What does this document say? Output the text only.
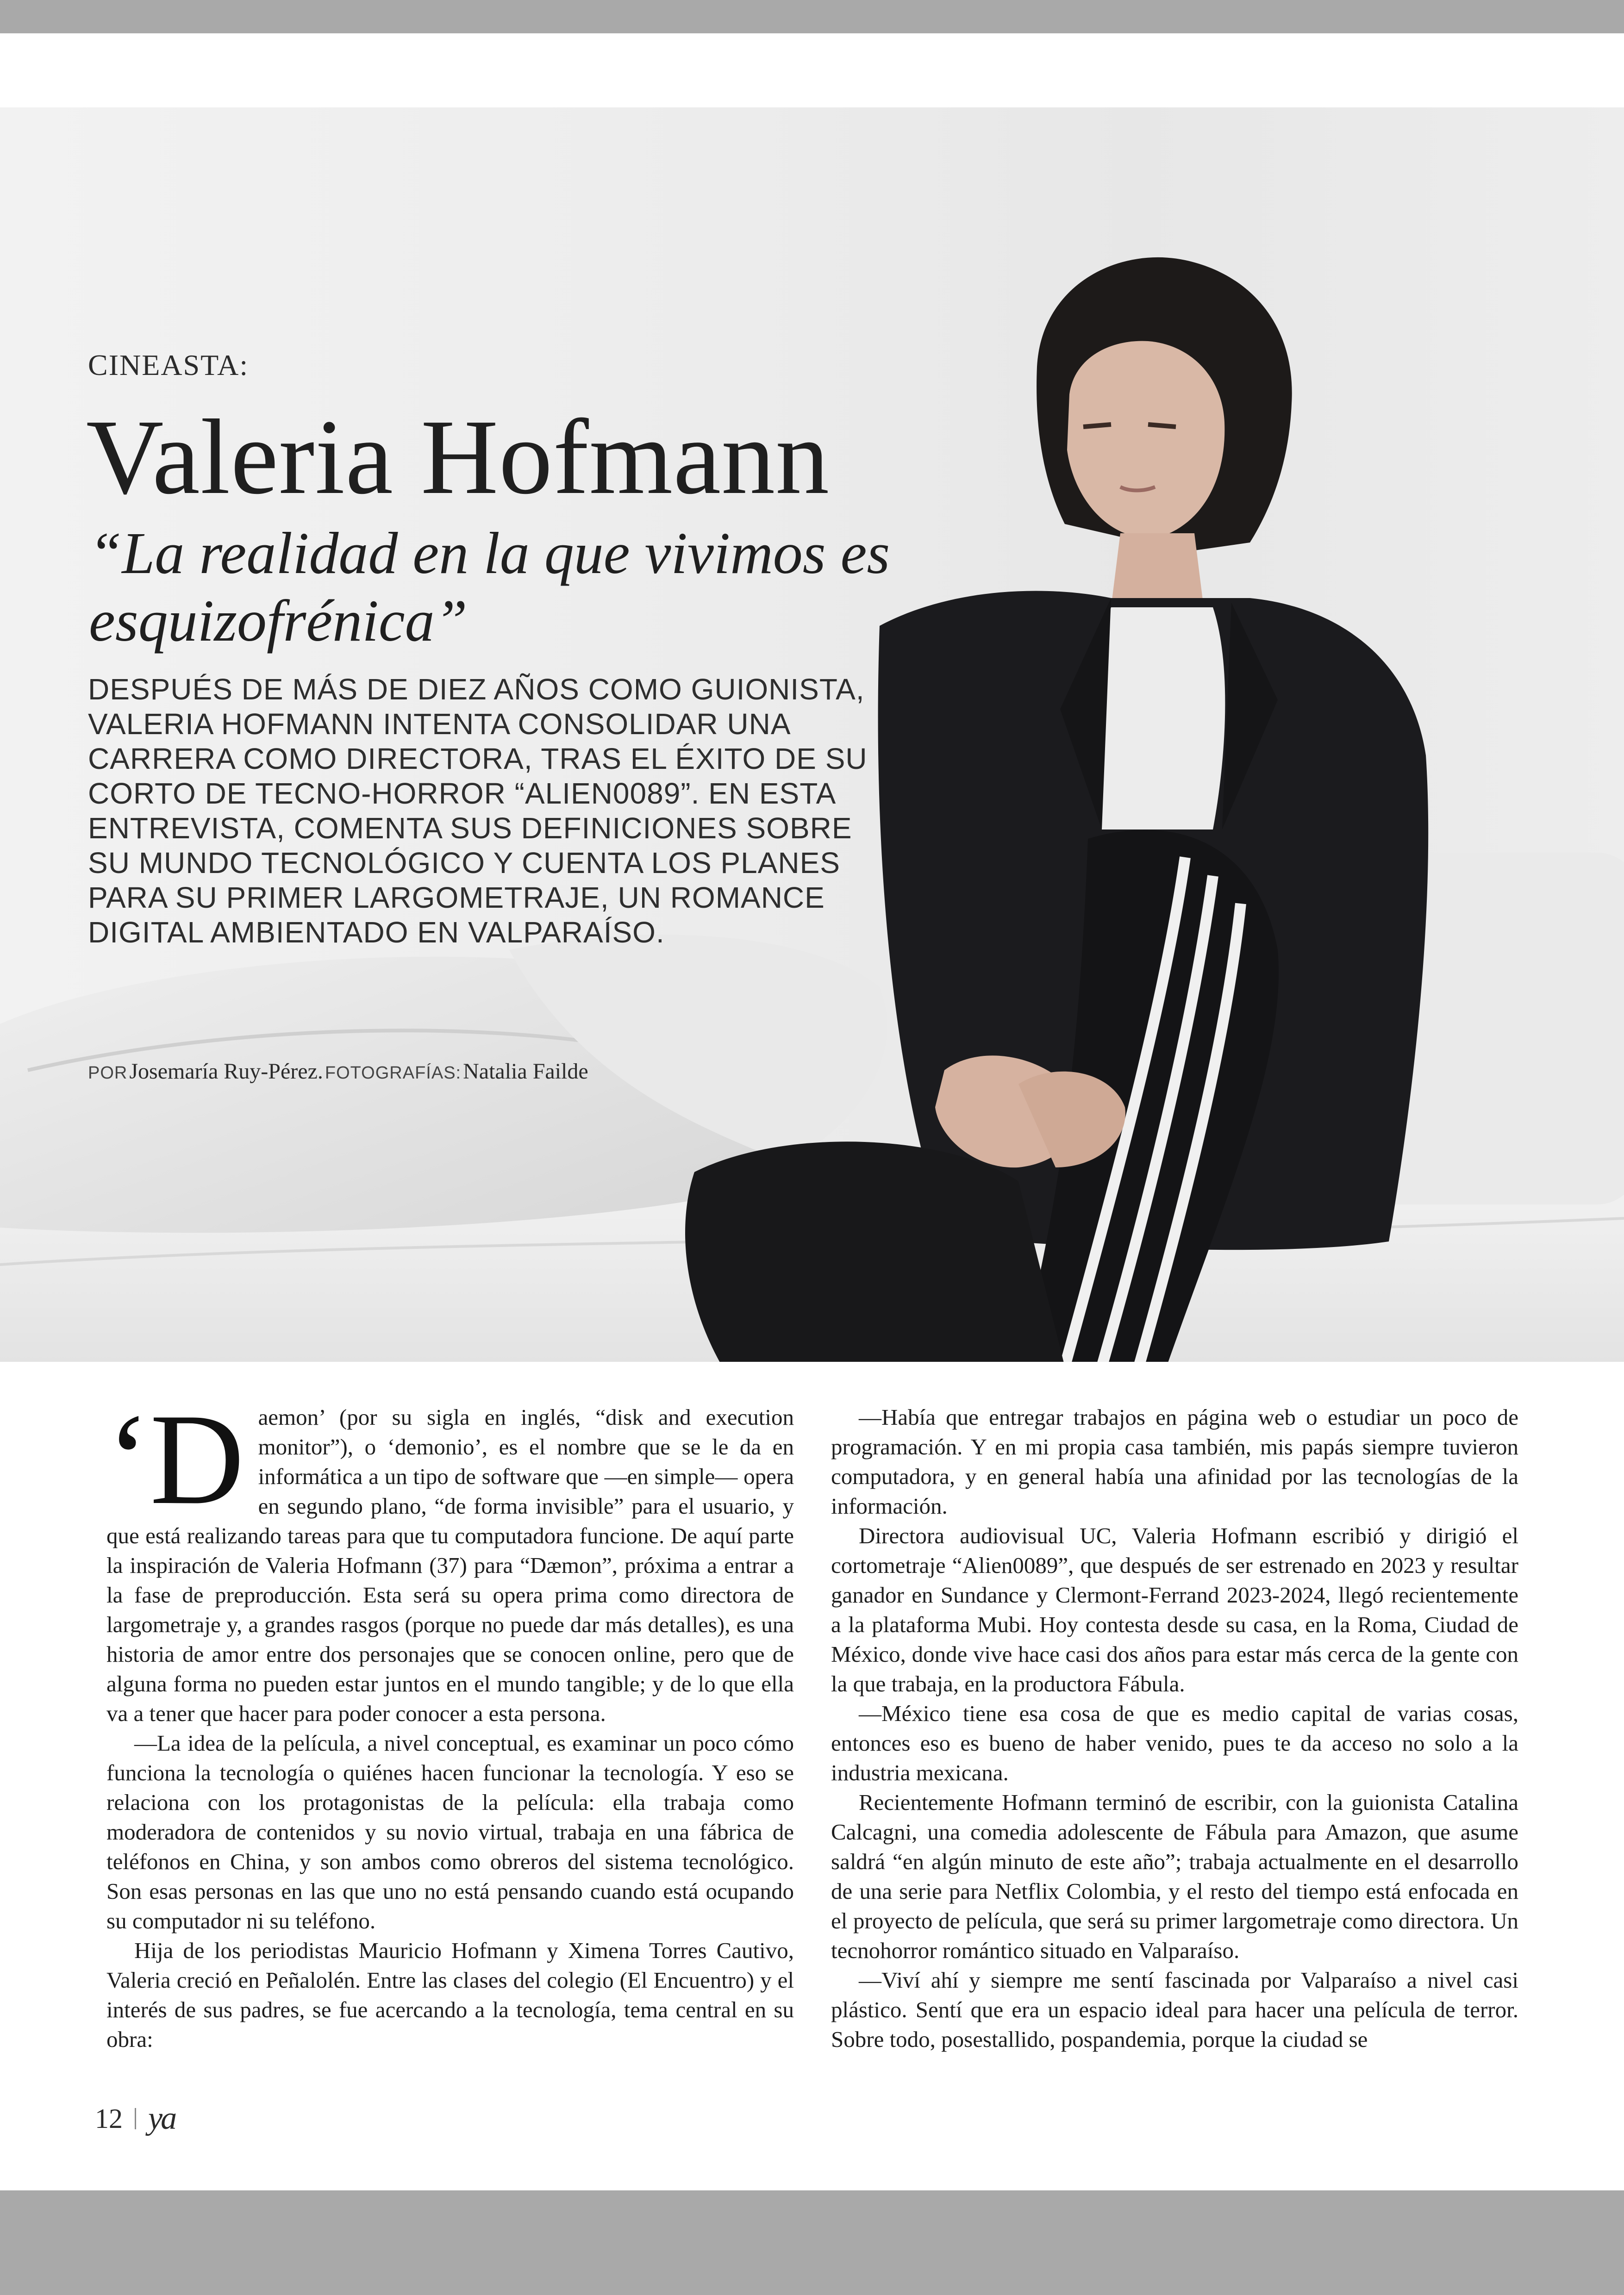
CINEASTA:

Valeria Hofmann
“La realidad en la que vivimos es esquizofrénica”

DESPUÉS DE MÁS DE DIEZ AÑOS COMO GUIONISTA, VALERIA HOFMANN INTENTA CONSOLIDAR UNA CARRERA COMO DIRECTORA, TRAS EL ÉXITO DE SU CORTO DE TECNO-HORROR “ALIEN0089”. EN ESTA ENTREVISTA, COMENTA SUS DEFINICIONES SOBRE SU MUNDO TECNOLÓGICO Y CUENTA LOS PLANES PARA SU PRIMER LARGOMETRAJE, UN ROMANCE DIGITAL AMBIENTADO EN VALPARAÍSO.

POR Josemaría Ruy-Pérez. FOTOGRAFÍAS: Natalia Failde

‘Daemon’ (por su sigla en inglés, “disk and execution monitor”), o ‘demonio’, es el nombre que se le da en informática a un tipo de software que —en simple— opera en segundo plano, “de forma invisible” para el usuario, y que está realizando tareas para que tu computadora funcione. De aquí parte la inspiración de Valeria Hofmann (37) para “Dæmon”, próxima a entrar a la fase de preproducción. Esta será su opera prima como directora de largometraje y, a grandes rasgos (porque no puede dar más detalles), es una historia de amor entre dos personajes que se conocen online, pero que de alguna forma no pueden estar juntos en el mundo tangible; y de lo que ella va a tener que hacer para poder conocer a esta persona.

—La idea de la película, a nivel conceptual, es examinar un poco cómo funciona la tecnología o quiénes hacen funcionar la tecnología. Y eso se relaciona con los protagonistas de la película: ella trabaja como moderadora de contenidos y su novio virtual, trabaja en una fábrica de teléfonos en China, y son ambos como obreros del sistema tecnológico. Son esas personas en las que uno no está pensando cuando está ocupando su computador ni su teléfono.

Hija de los periodistas Mauricio Hofmann y Ximena Torres Cautivo, Valeria creció en Peñalolén. Entre las clases del colegio (El Encuentro) y el interés de sus padres, se fue acercando a la tecnología, tema central en su obra:

—Había que entregar trabajos en página web o estudiar un poco de programación. Y en mi propia casa también, mis papás siempre tuvieron computadora, y en general había una afinidad por las tecnologías de la información.

Directora audiovisual UC, Valeria Hofmann escribió y dirigió el cortometraje “Alien0089”, que después de ser estrenado en 2023 y resultar ganador en Sundance y Clermont-Ferrand 2023-2024, llegó recientemente a la plataforma Mubi. Hoy contesta desde su casa, en la Roma, Ciudad de México, donde vive hace casi dos años para estar más cerca de la gente con la que trabaja, en la productora Fábula.

—México tiene esa cosa de que es medio capital de varias cosas, entonces eso es bueno de haber venido, pues te da acceso no solo a la industria mexicana.

Recientemente Hofmann terminó de escribir, con la guionista Catalina Calcagni, una comedia adolescente de Fábula para Amazon, que asume saldrá “en algún minuto de este año”; trabaja actualmente en el desarrollo de una serie para Netflix Colombia, y el resto del tiempo está enfocada en el proyecto de película, que será su primer largometraje como directora. Un tecnohorror romántico situado en Valparaíso.

—Viví ahí y siempre me sentí fascinada por Valparaíso a nivel casi plástico. Sentí que era un espacio ideal para hacer una película de terror. Sobre todo, posestallido, pospandemia, porque la ciudad se

12 ya
